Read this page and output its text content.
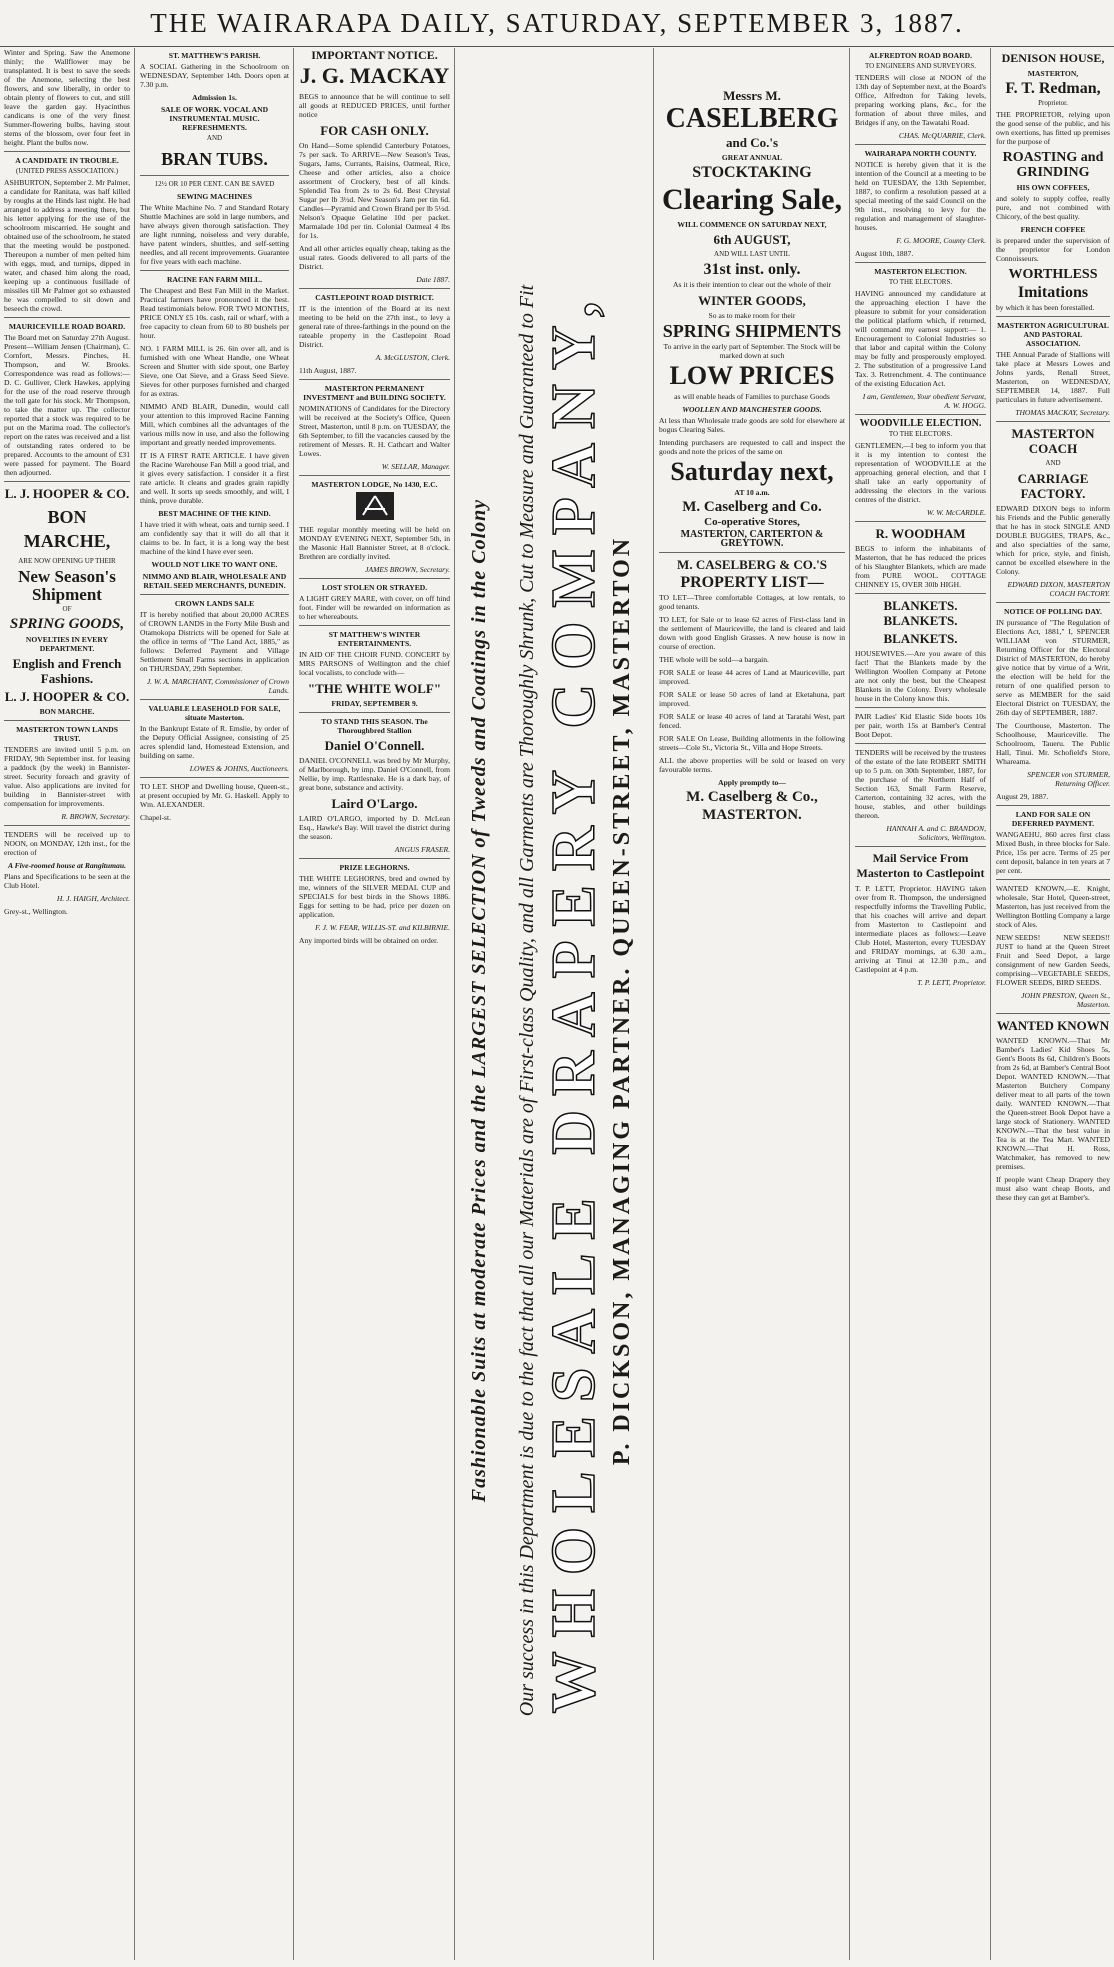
THE WAIRARAPA DAILY, SATURDAY, SEPTEMBER 3, 1887.

Winter and Spring. Saw the Anemone thinly; the Wallflower may be transplanted. It is best to save the seeds of the Anemone, selecting the best flowers, and sow liberally, in order to obtain plenty of flowers to cut, and still leave the garden gay. Hyacinthus candicans is one of the very finest Summer-flowering bulbs, having stout stems of the blossom, over four feet in height. Plant the bulbs now.

A CANDIDATE IN TROUBLE.
(UNITED PRESS ASSOCIATION.)

ASHBURTON, September 2. Mr Palmer, a candidate for Ranitata, was half killed by roughs at the Hinds last night. He had arranged to address a meeting there, but his letter applying for the use of the schoolroom miscarried. He sought and obtained use of the schoolroom, he stated that the meeting would be postponed. Thereupon a number of men pelted him with eggs, mud, and turnips, dipped in water, and chased him along the road, keeping up a continuous fusillade of missiles till Mr Palmer got so exhausted he was compelled to sit down and beseech the crowd.

MAURICEVILLE ROAD BOARD.

The Board met on Saturday 27th August. Present—William Jensen (Chairman), C. Cornfort, Messrs. Pinches, H. Thompson, and W. Brooks. Correspondence was read as follows:—D. C. Gulliver, Clerk Hawkes, applying for the use of the road reserve through the toll gate for his stock. Mr Thompson, to take the matter up. The collector reported that a stock was required to be put on the Marima road. The collector's report on the rates was received and a list of outstanding rates ordered to be prepared. Accounts to the amount of £31 were passed for payment. The Board then adjourned.

L. J. HOOPER & CO.
BON MARCHE,
ARE NOW OPENING UP THEIR
New Season's
Shipment
OF
SPRING GOODS,
NOVELTIES IN EVERY DEPARTMENT.
English and French Fashions.
L. J. HOOPER & CO.
BON MARCHE.
MASTERTON TOWN LANDS TRUST.

TENDERS are invited until 5 p.m. on FRIDAY, 9th September inst. for leasing a paddock (by the week) in Bannister-street. Security foreach and gravity of value. Also applications are invited for building in Bannister-street with compensation for improvements.

R. BROWN, Secretary.

TENDERS will be received up to NOON, on MONDAY, 12th inst., for the erection of

A Five-roomed house at Rangitumau.

Plans and Specifications to be seen at the Club Hotel.

H. J. HAIGH, Architect.

Grey-st., Wellington.

ST. MATTHEW'S PARISH.

A SOCIAL Gathering in the Schoolroom on WEDNESDAY, September 14th. Doors open at 7.30 p.m.

Admission 1s.
SALE OF WORK. VOCAL AND INSTRUMENTAL MUSIC. REFRESHMENTS.
AND
BRAN TUBS.
12½ OR 10 PER CENT. CAN BE SAVED
SEWING MACHINES

The White Machine No. 7 and Standard Rotary Shuttle Machines are sold in large numbers, and have always given thorough satisfaction. They are light running, noiseless and very durable, have patent winders, shuttles, and self-setting needles, and all recent improvements. Guarantee for five years with each machine.

RACINE FAN FARM MILL.

The Cheapest and Best Fan Mill in the Market. Practical farmers have pronounced it the best. Read testimonials below. FOR TWO MONTHS, PRICE ONLY £5 10s. cash, rail or wharf, with a free capacity to clean from 60 to 80 bushels per hour.

NO. 1 FARM MILL is 26. 6in over all, and is furnished with one Wheat Handle, one Wheat Screen and Shutter with side spout, one Barley Sieve, one Oat Sieve, and a Grass Seed Sieve. Sieves for other purposes furnished and charged for as extras.

NIMMO AND BLAIR, Dunedin, would call your attention to this improved Racine Fanning Mill, which combines all the advantages of the various mills now in use, and also the following important and greatly needed improvements.

IT IS A FIRST RATE ARTICLE. I have given the Racine Warehouse Fan Mill a good trial, and it gives every satisfaction. I consider it a first rate article. It cleans and grades grain rapidly and well. It sorts up seeds smoothly, and will, I think, prove durable.

BEST MACHINE OF THE KIND.

I have tried it with wheat, oats and turnip seed. I am confidently say that it will do all that it claims to be. In fact, it is a long way the best machine of the kind I have ever seen.

WOULD NOT LIKE TO WANT ONE.
NIMMO AND BLAIR, WHOLESALE AND RETAIL SEED MERCHANTS, DUNEDIN.
CROWN LANDS SALE

IT is hereby notified that about 20,000 ACRES of CROWN LANDS in the Forty Mile Bush and Otamokopa Districts will be opened for Sale at the office in terms of "The Land Act, 1885," as follows: Deferred Payment and Village Settlement Small Farms sections in application on THURSDAY, 29th September.

J. W. A. MARCHANT, Commissioner of Crown Lands.
VALUABLE LEASEHOLD FOR SALE, situate Masterton.

In the Bankrupt Estate of R. Emslie, by order of the Deputy Official Assignee, consisting of 25 acres splendid land, Homestead Extension, and building on same.

LOWES & JOHNS, Auctioneers.

TO LET. SHOP and Dwelling house, Queen-st., at present occupied by Mr. G. Haskell. Apply to Wm. ALEXANDER.

Chapel-st.

IMPORTANT NOTICE.
J. G. MACKAY

BEGS to announce that he will continue to sell all goods at REDUCED PRICES, until further notice

FOR CASH ONLY.

On Hand—Some splendid Canterbury Potatoes, 7s per sack. To ARRIVE—New Season's Teas, Sugars, Jams, Currants, Raisins, Oatmeal, Rice, Cheese and other articles, also a choice assortment of Crockery, best of all kinds. Splendid Tea from 2s to 2s 6d. Best Chrystal Sugar per lb 3½d. New Season's Jam per tin 6d. Candles—Pyramid and Crown Brand per lb 5½d. Nelson's Opaque Gelatine 10d per packet. Marmalade 10d per tin. Colonial Oatmeal 4 lbs for 1s.

And all other articles equally cheap, taking as the usual rates. Goods delivered to all parts of the District.

Date 1887.
CASTLEPOINT ROAD DISTRICT.

IT is the intention of the Board at its next meeting to be held on the 27th inst., to levy a general rate of three-farthings in the pound on the rateable property in the Castlepoint Road District.

A. McGLUSTON, Clerk.

11th August, 1887.

MASTERTON PERMANENT INVESTMENT and BUILDING SOCIETY.

NOMINATIONS of Candidates for the Directory will be received at the Society's Office, Queen Street, Masterton, until 8 p.m. on TUESDAY, the 6th September, to fill the vacancies caused by the retirement of Messrs. R. H. Cathcart and Walter Lowes.

W. SELLAR, Manager.
MASTERTON LODGE, No 1430, E.C.

THE regular monthly meeting will be held on MONDAY EVENING NEXT, September 5th, in the Masonic Hall Bannister Street, at 8 o'clock. Brethren are cordially invited.

JAMES BROWN, Secretary.
LOST STOLEN OR STRAYED.

A LIGHT GREY MARE, with cover, on off hind foot. Finder will be rewarded on information as to her whereabouts.

ST MATTHEW'S WINTER ENTERTAINMENTS.

IN AID OF THE CHOIR FUND. CONCERT by MRS PARSONS of Wellington and the chief local vocalists, to conclude with—

"THE WHITE WOLF"
FRIDAY, SEPTEMBER 9.
TO STAND THIS SEASON. The Thoroughbred Stallion
Daniel O'Connell.

DANIEL O'CONNELL was bred by Mr Murphy, of Marlborough, by imp. Daniel O'Connell, from Nellie, by imp. Rattlesnake. He is a dark bay, of great bone, substance and activity.

Laird O'Largo.

LAIRD O'LARGO, imported by D. McLean Esq., Hawke's Bay. Will travel the district during the season.

ANGUS FRASER.
PRIZE LEGHORNS.

THE WHITE LEGHORNS, bred and owned by me, winners of the SILVER MEDAL CUP and SPECIALS for best birds in the Shows 1886. Eggs for setting to be had, price per dozen on application.

F. J. W. FEAR, WILLIS-ST. and KILBIRNIE.

Any imported birds will be obtained on order.	Fashionable Suits at moderate Prices and the LARGEST SELECTION of Tweeds and Coatings in the Colony Our success in this Department is due to the fact that all our Materials are of First-class Quality, and all Garments are Thoroughly Shrunk, Cut to Measure and Guaranteed to Fit WHOLESALE DRAPERY COMPANY, P. DICKSON, MANAGING PARTNER. QUEEN-STREET, MASTERTON
Messrs M.
CASELBERG
and Co.'s
GREAT ANNUAL
STOCKTAKING
Clearing Sale,
WILL COMMENCE ON SATURDAY NEXT,
6th AUGUST,
AND WILL LAST UNTIL
31st inst. only.

As it is their intention to clear out the whole of their

WINTER GOODS,

So as to make room for their

SPRING SHIPMENTS

To arrive in the early part of September. The Stock will be marked down at such

LOW PRICES

as will enable heads of Families to purchase Goods

WOOLLEN AND MANCHESTER GOODS.

At less than Wholesale trade goods are sold for elsewhere at bogus Clearing Sales.

Intending purchasers are requested to call and inspect the goods and note the prices of the same on

Saturday next,
AT 10 a.m.
M. Caselberg and Co.
Co-operative Stores,
MASTERTON, CARTERTON & GREYTOWN.
M. CASELBERG & CO.'S
PROPERTY LIST—

TO LET—Three comfortable Cottages, at low rentals, to good tenants.

TO LET, for Sale or to lease 62 acres of First-class land in the settlement of Mauriceville, the land is cleared and laid down with good English Grasses. A new house is now in course of erection.

THE whole will be sold—a bargain.

FOR SALE or lease 44 acres of Land at Mauriceville, part improved.

FOR SALE or lease 50 acres of land at Eketahuna, part improved.

FOR SALE or lease 40 acres of land at Taratahi West, part fenced.

FOR SALE On Lease, Building allotments in the following streets—Cole St., Victoria St., Villa and Hope Streets.

ALL the above properties will be sold or leased on very favourable terms.

Apply promptly to—
M. Caselberg & Co.,
MASTERTON.
ALFREDTON ROAD BOARD.
TO ENGINEERS AND SURVEYORS.

TENDERS will close at NOON of the 13th day of September next, at the Board's Office, Alfredton for Taking levels, preparing working plans, &c., for the formation of about three miles, and Bridges if any, on the Tawatahi Road.

CHAS. McQUARRIE, Clerk.
WAIRARAPA NORTH COUNTY.

NOTICE is hereby given that it is the intention of the Council at a meeting to be held on TUESDAY, the 13th September, 1887, to confirm a resolution passed at a special meeting of the said Council on the 9th inst., resolving to levy for the regulation and management of slaughter-houses.

F. G. MOORE, County Clerk.

August 10th, 1887.

MASTERTON ELECTION.
TO THE ELECTORS.

HAVING announced my candidature at the approaching election I have the pleasure to submit for your consideration the political platform which, if returned, will command my earnest support:— 1. Encouragement to Colonial Industries so that labor and capital within the Colony may be fully and prosperously employed. 2. The substitution of a progressive Land Tax. 3. Retrenchment. 4. The continuance of the existing Education Act.

I am, Gentlemen, Your obedient Servant, A. W. HOGG.
WOODVILLE ELECTION.
TO THE ELECTORS.

GENTLEMEN,—I beg to inform you that it is my intention to contest the representation of WOODVILLE at the approaching general election, and that I shall take an early opportunity of addressing the electors in the various centres of the district.

W. W. McCARDLE.
R. WOODHAM

BEGS to inform the inhabitants of Masterton, that he has reduced the prices of his Slaughter Blankets, which are made from PURE WOOL. COTTAGE CHINNEY 15, OVER 30lb HIGH.

BLANKETS. BLANKETS.
BLANKETS.

HOUSEWIVES.—Are you aware of this fact! That the Blankets made by the Wellington Woollen Company at Petone are not only the best, but the Cheapest Blankets in the Colony. Every wholesale house in the Colony know this.

PAIR Ladies' Kid Elastic Side boots 10s per pair, worth 15s at Bamber's Central Boot Depot.

TENDERS will be received by the trustees of the estate of the late ROBERT SMITH up to 5 p.m. on 30th September, 1887, for the purchase of the Northern Half of Section 163, Small Farm Reserve, Carterton, containing 32 acres, with the house, stables, and other buildings thereon.

HANNAH A. and C. BRANDON, Solicitors, Wellington.
Mail Service From Masterton to Castlepoint

T. P. LETT, Proprietor. HAVING taken over from R. Thompson, the undersigned respectfully informs the Travelling Public, that his coaches will arrive and depart from Masterton to Castlepoint and intermediate places as follows:—Leave Club Hotel, Masterton, every TUESDAY and FRIDAY mornings, at 6.30 a.m., arriving at Tinui at 12.30 p.m., and Castlepoint at 4 p.m.

T. P. LETT, Proprietor.
DENISON HOUSE,
MASTERTON,
F. T. Redman,
Proprietor.

THE PROPRIETOR, relying upon the good sense of the public, and his own exertions, has fitted up premises for the purpose of

ROASTING and GRINDING
HIS OWN COFFEES,

and solely to supply coffee, really pure, and not combined with Chicory, of the best quality.

FRENCH COFFEE

is prepared under the supervision of the proprietor for London Connoisseurs.

WORTHLESS
Imitations

by which it has been forestalled.

MASTERTON AGRICULTURAL AND PASTORAL ASSOCIATION.

THE Annual Parade of Stallions will take place at Messrs Lowes and Johns yards, Renall Street, Masterton, on WEDNESDAY, SEPTEMBER 14, 1887. Full particulars in future advertisement.

THOMAS MACKAY, Secretary.
MASTERTON COACH
AND
CARRIAGE FACTORY.

EDWARD DIXON begs to inform his Friends and the Public generally that he has in stock SINGLE AND DOUBLE BUGGIES, TRAPS, &c., and also specialties of the same, which for price, style, and finish, cannot be excelled elsewhere in the Colony.

EDWARD DIXON, MASTERTON COACH FACTORY.
NOTICE OF POLLING DAY.

IN pursuance of "The Regulation of Elections Act, 1881," I, SPENCER WILLIAM von STURMER, Returning Officer for the Electoral District of MASTERTON, do hereby give notice that by virtue of a Writ, the election will be held for the return of one qualified person to serve as MEMBER for the said Electoral District on TUESDAY, the 26th day of SEPTEMBER, 1887.

The Courthouse, Masterton. The Schoolhouse, Mauriceville. The Schoolroom, Taueru. The Public Hall, Tinui. Mr. Schofield's Store, Whareama.

SPENCER von STURMER, Returning Officer.

August 29, 1887.

LAND FOR SALE ON DEFERRED PAYMENT.

WANGAEHU, 860 acres first class Mixed Bush, in three blocks for Sale. Price, 15s per acre. Terms of 25 per cent deposit, balance in ten years at 7 per cent.

WANTED KNOWN,—E. Knight, wholesale, Star Hotel, Queen-street, Masterton, has just received from the Wellington Bottling Company a large stock of Ales.

NEW SEEDS!	NEW SEEDS!!

JUST to hand at the Queen Street Fruit and Seed Depot, a large consignment of new Garden Seeds, comprising—VEGETABLE SEEDS, FLOWER SEEDS, BIRD SEEDS.

JOHN PRESTON, Queen St., Masterton.
WANTED KNOWN

WANTED KNOWN.—That Mr Bamber's Ladies' Kid Shoes 5s, Gent's Boots 8s 6d, Children's Boots from 2s 6d, at Bamber's Central Boot Depot. WANTED KNOWN.—That Masterton Butchery Company deliver meat to all parts of the town daily. WANTED KNOWN.—That the Queen-street Book Depot have a large stock of Stationery. WANTED KNOWN.—That the best value in Tea is at the Tea Mart. WANTED KNOWN.—That H. Ross, Watchmaker, has removed to new premises.

If people want Cheap Drapery they must also want cheap Boots, and these they can get at Bamber's.
